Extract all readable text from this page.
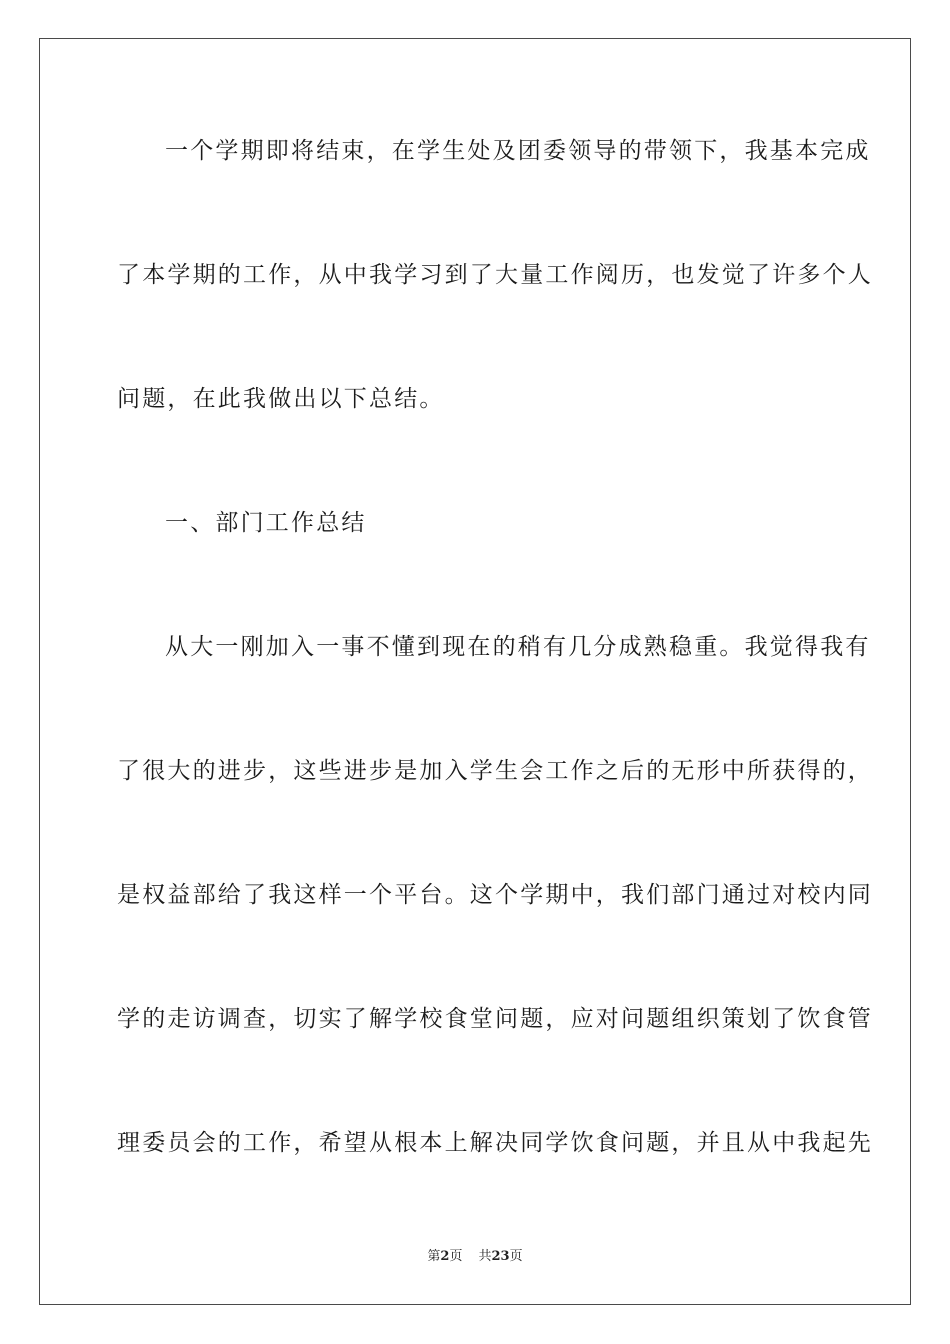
一个学期即将结束，在学生处及团委领导的带领下，我基本完成
了本学期的工作，从中我学习到了大量工作阅历，也发觉了许多个人
问题，在此我做出以下总结。
一、部门工作总结
从大一刚加入一事不懂到现在的稍有几分成熟稳重。我觉得我有
了很大的进步，这些进步是加入学生会工作之后的无形中所获得的，
是权益部给了我这样一个平台。这个学期中，我们部门通过对校内同
学的走访调查，切实了解学校食堂问题，应对问题组织策划了饮食管
理委员会的工作，希望从根本上解决同学饮食问题，并且从中我起先
第2页 共23页
